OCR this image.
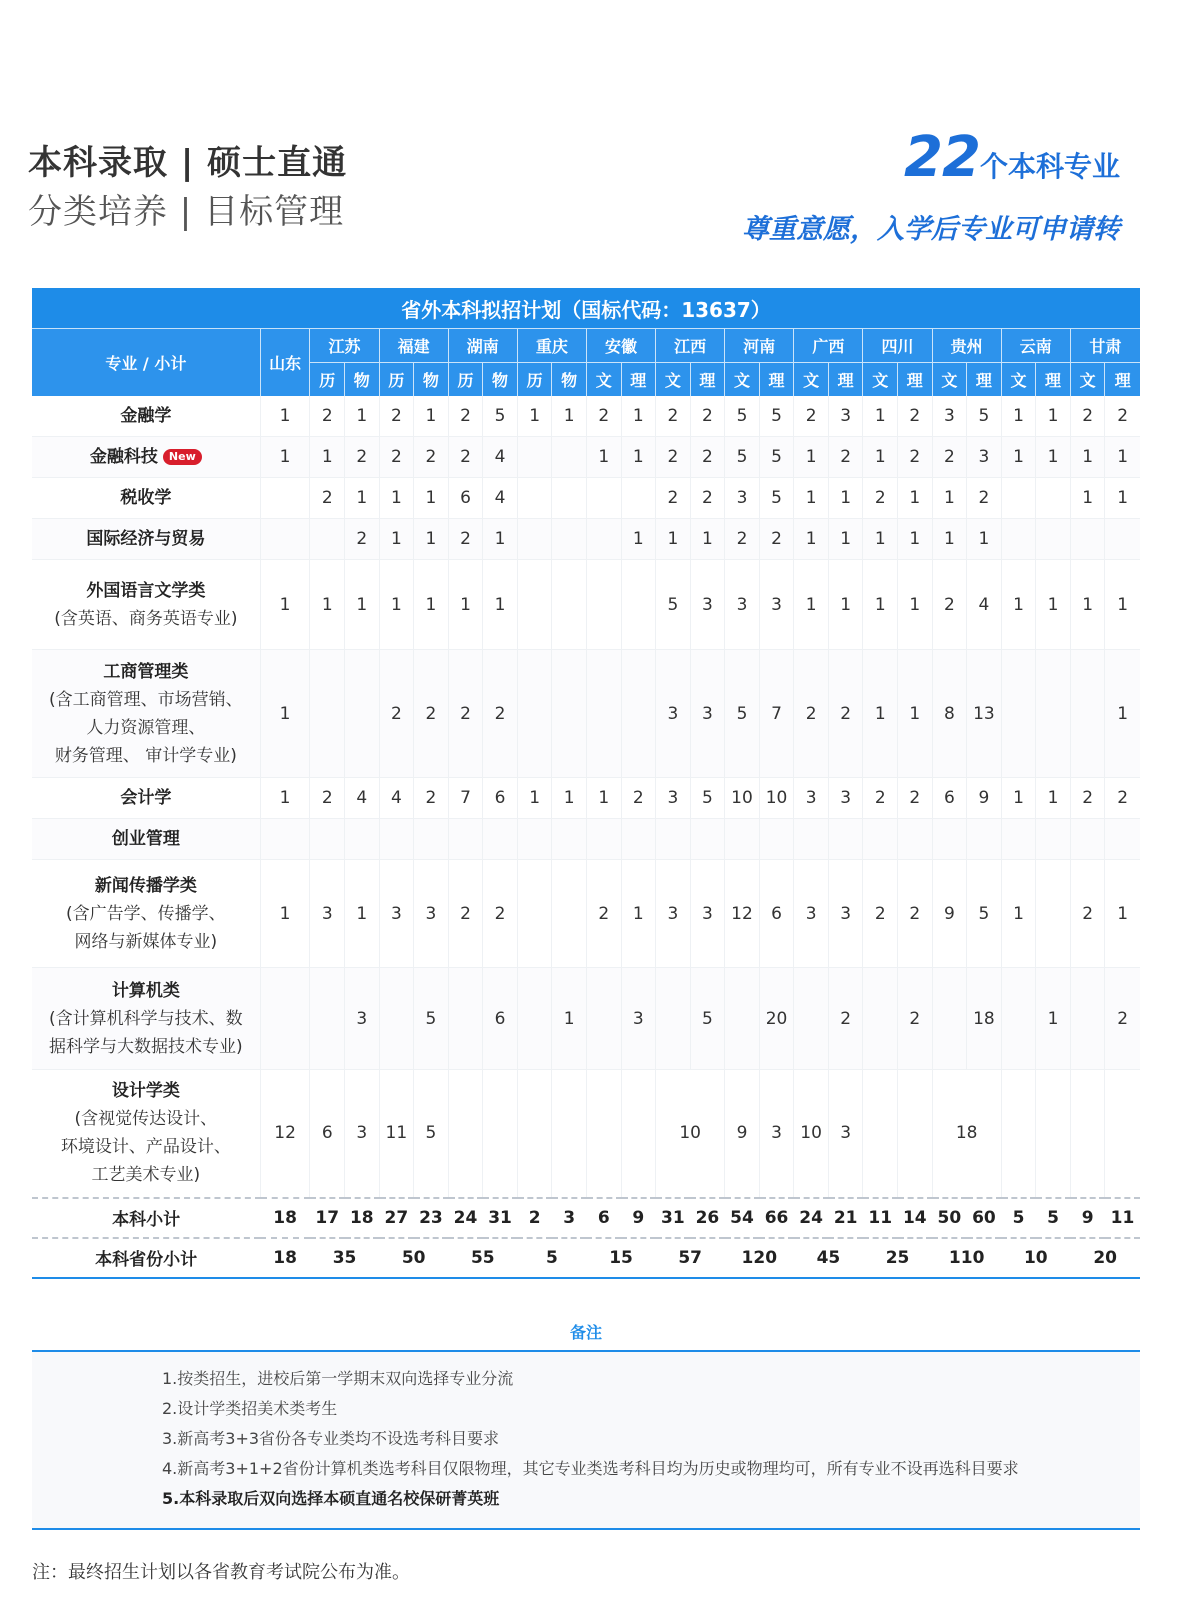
本科录取 | 硕士直通
分类培养 | 目标管理
22个本科专业
尊重意愿，入学后专业可申请转
省外本科拟招计划（国标代码：13637）																									
专业 / 小计	山东	江苏		福建		湖南		重庆		安徽		江西		河南		广西		四川		贵州		云南		甘肃	
		历	物	历	物	历	物	历	物	文	理	文	理	文	理	文	理	文	理	文	理	文	理	文	理

金融学	1	2	1	2	1	2	5	1	1	2	1	2	2	5	5	2	3	1	2	3	5	1	1	2	2

金融科技 New	1	1	2	2	2	2	4			1	1	2	2	5	5	1	2	1	2	2	3	1	1	1	1

税收学		2	1	1	1	6	4					2	2	3	5	1	1	2	1	1	2			1	1

国际经济与贸易			2	1	1	2	1				1	1	1	2	2	1	1	1	1	1	1				

外国语言文学类
(含英语、商务英语专业)	1	1	1	1	1	1	1					5	3	3	3	1	1	1	1	2	4	1	1	1	1

工商管理类
(含工商管理、市场营销、
人力资源管理、
财务管理、 审计学专业)	1			2	2	2	2					3	3	5	7	2	2	1	1	8	13				1

会计学	1	2	4	4	2	7	6	1	1	1	2	3	5	10	10	3	3	2	2	6	9	1	1	2	2

创业管理																									

新闻传播学类
(含广告学、传播学、
网络与新媒体专业)	1	3	1	3	3	2	2			2	1	3	3	12	6	3	3	2	2	9	5	1		2	1

计算机类
(含计算机科学与技术、数
据科学与大数据技术专业)			3		5		6		1		3		5		20		2		2		18		1		2

设计学类
(含视觉传达设计、
环境设计、产品设计、
工艺美术专业)	12	6	3	11	5							10		9	3	10	3			18					
本科小计	18	17	18	27	23	24	31	2	3	6	9	31	26	54	66	24	21	11	14	50	60	5	5	9	11
本科省份小计	18	35		50		55		5		15		57		120		45		25		110		10		20	
备注
1.按类招生，进校后第一学期末双向选择专业分流
2.设计学类招美术类考生
3.新高考3+3省份各专业类均不设选考科目要求
4.新高考3+1+2省份计算机类选考科目仅限物理，其它专业类选考科目均为历史或物理均可，所有专业不设再选科目要求
5.本科录取后双向选择本硕直通名校保研菁英班
注：最终招生计划以各省教育考试院公布为准。
